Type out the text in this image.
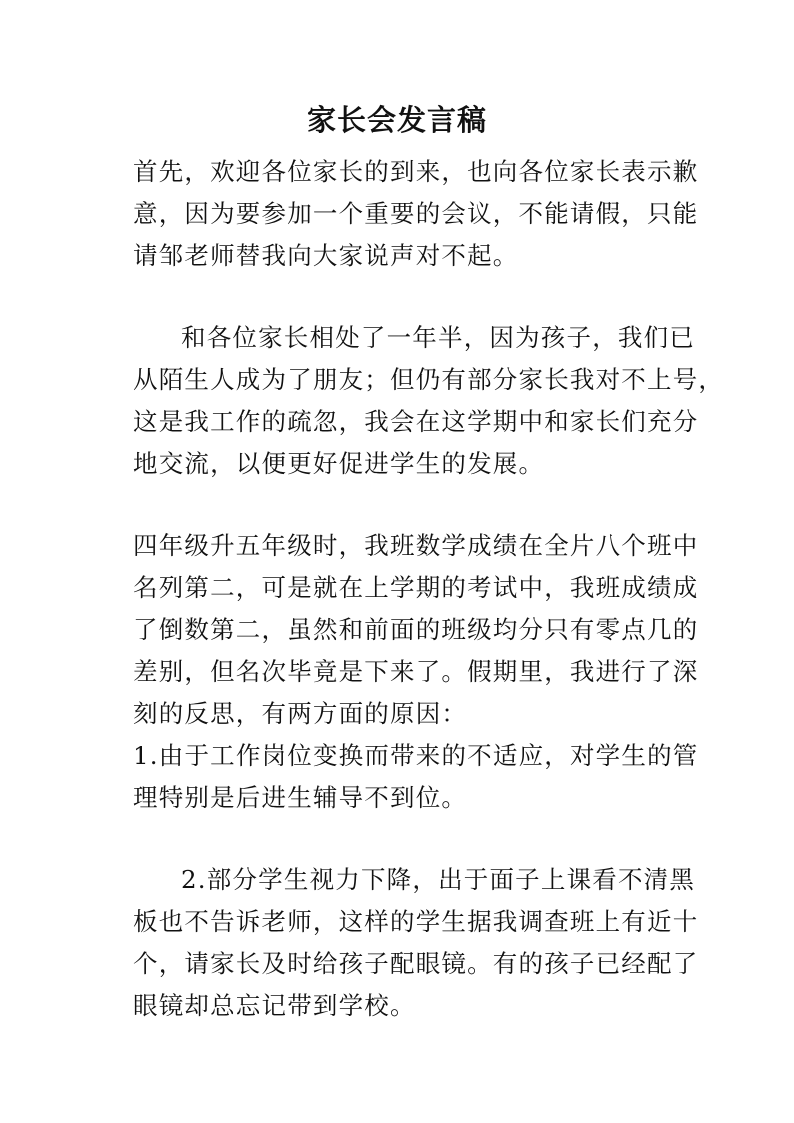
家长会发言稿
首先，欢迎各位家长的到来，也向各位家长表示歉
意，因为要参加一个重要的会议，不能请假，只能
请邹老师替我向大家说声对不起。
和各位家长相处了一年半，因为孩子，我们已
从陌生人成为了朋友；但仍有部分家长我对不上号，
这是我工作的疏忽，我会在这学期中和家长们充分
地交流，以便更好促进学生的发展。
四年级升五年级时，我班数学成绩在全片八个班中
名列第二，可是就在上学期的考试中，我班成绩成
了倒数第二，虽然和前面的班级均分只有零点几的
差别，但名次毕竟是下来了。假期里，我进行了深
刻的反思，有两方面的原因：
1.由于工作岗位变换而带来的不适应，对学生的管
理特别是后进生辅导不到位。
2.部分学生视力下降，出于面子上课看不清黑
板也不告诉老师，这样的学生据我调查班上有近十
个，请家长及时给孩子配眼镜。有的孩子已经配了
眼镜却总忘记带到学校。
